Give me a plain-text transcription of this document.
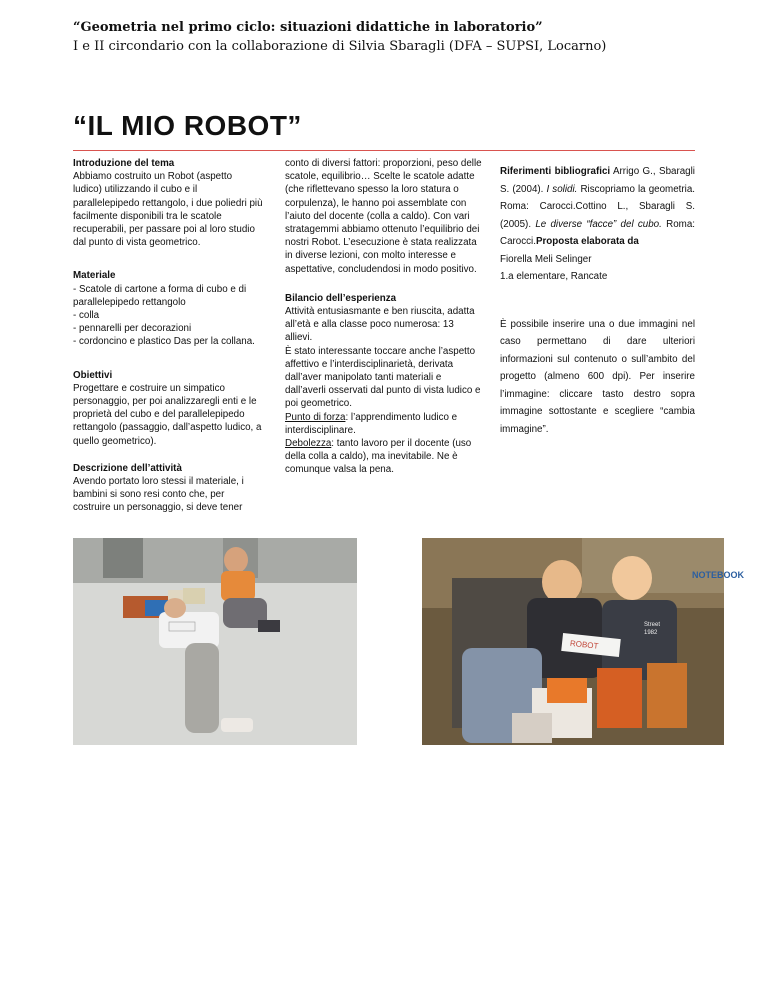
“Geometria nel primo ciclo: situazioni didattiche in laboratorio”
I e II circondario con la collaborazione di Silvia Sbaragli (DFA – SUPSI, Locarno)
“IL MIO ROBOT”
Introduzione del tema
Abbiamo costruito un Robot (aspetto ludico) utilizzando il cubo e il parallelepipedo rettangolo, i due poliedri più facilmente disponibili tra le scatole recuperabili, per passare poi al loro studio dal punto di vista geometrico.
Materiale
- Scatole di cartone a forma di cubo e di parallelepipedo rettangolo
- colla
- pennarelli per decorazioni
- cordoncino e plastico Das per la collana.
Obiettivi
Progettare e costruire un simpatico personaggio, per poi analizzaregli enti e le proprietà del cubo e del parallelepipedo rettangolo (passaggio, dall’aspetto ludico, a quello geometrico).
Descrizione dell’attività
Avendo portato loro stessi il materiale, i bambini si sono resi conto che, per costruire un personaggio, si deve tener
conto di diversi fattori: proporzioni, peso delle scatole, equilibrio… Scelte le scatole adatte (che riflettevano spesso la loro statura o corpulenza), le hanno poi assemblate con l’aiuto del docente (colla a caldo). Con vari stratagemmi abbiamo ottenuto l’equilibrio dei nostri Robot. L’esecuzione è stata realizzata in diverse lezioni, con molto interesse e aspettative, concludendosi in modo positivo.
Bilancio dell’esperienza
Attività entusiasmante e ben riuscita, adatta all’età e alla classe poco numerosa: 13 allievi.
È stato interessante toccare anche l’aspetto affettivo e l’interdisciplinarietà, derivata dall’aver manipolato tanti materiali e dall’averli osservati dal punto di vista ludico e poi geometrico.
Punto di forza: l’apprendimento ludico e interdisciplinare.
Debolezza: tanto lavoro per il docente (uso della colla a caldo), ma inevitabile. Ne è comunque valsa la pena.
Riferimenti bibliografici Arrigo G., Sbaragli S. (2004). I solidi. Riscopriamo la geometria. Roma: Carocci.Cottino L., Sbaragli S. (2005). Le diverse “facce” del cubo. Roma: Carocci.Proposta elaborata da
Fiorella Meli Selinger
1.a elementare, Rancate
È possibile inserire una o due immagini nel caso permettano di dare ulteriori informazioni sul contenuto o sull’ambito del progetto (almeno 600 dpi). Per inserire l’immagine: cliccare tasto destro sopra immagine sottostante e scegliere “cambia immagine”.
NOTEBOOK
Street
1982
ROBOT
